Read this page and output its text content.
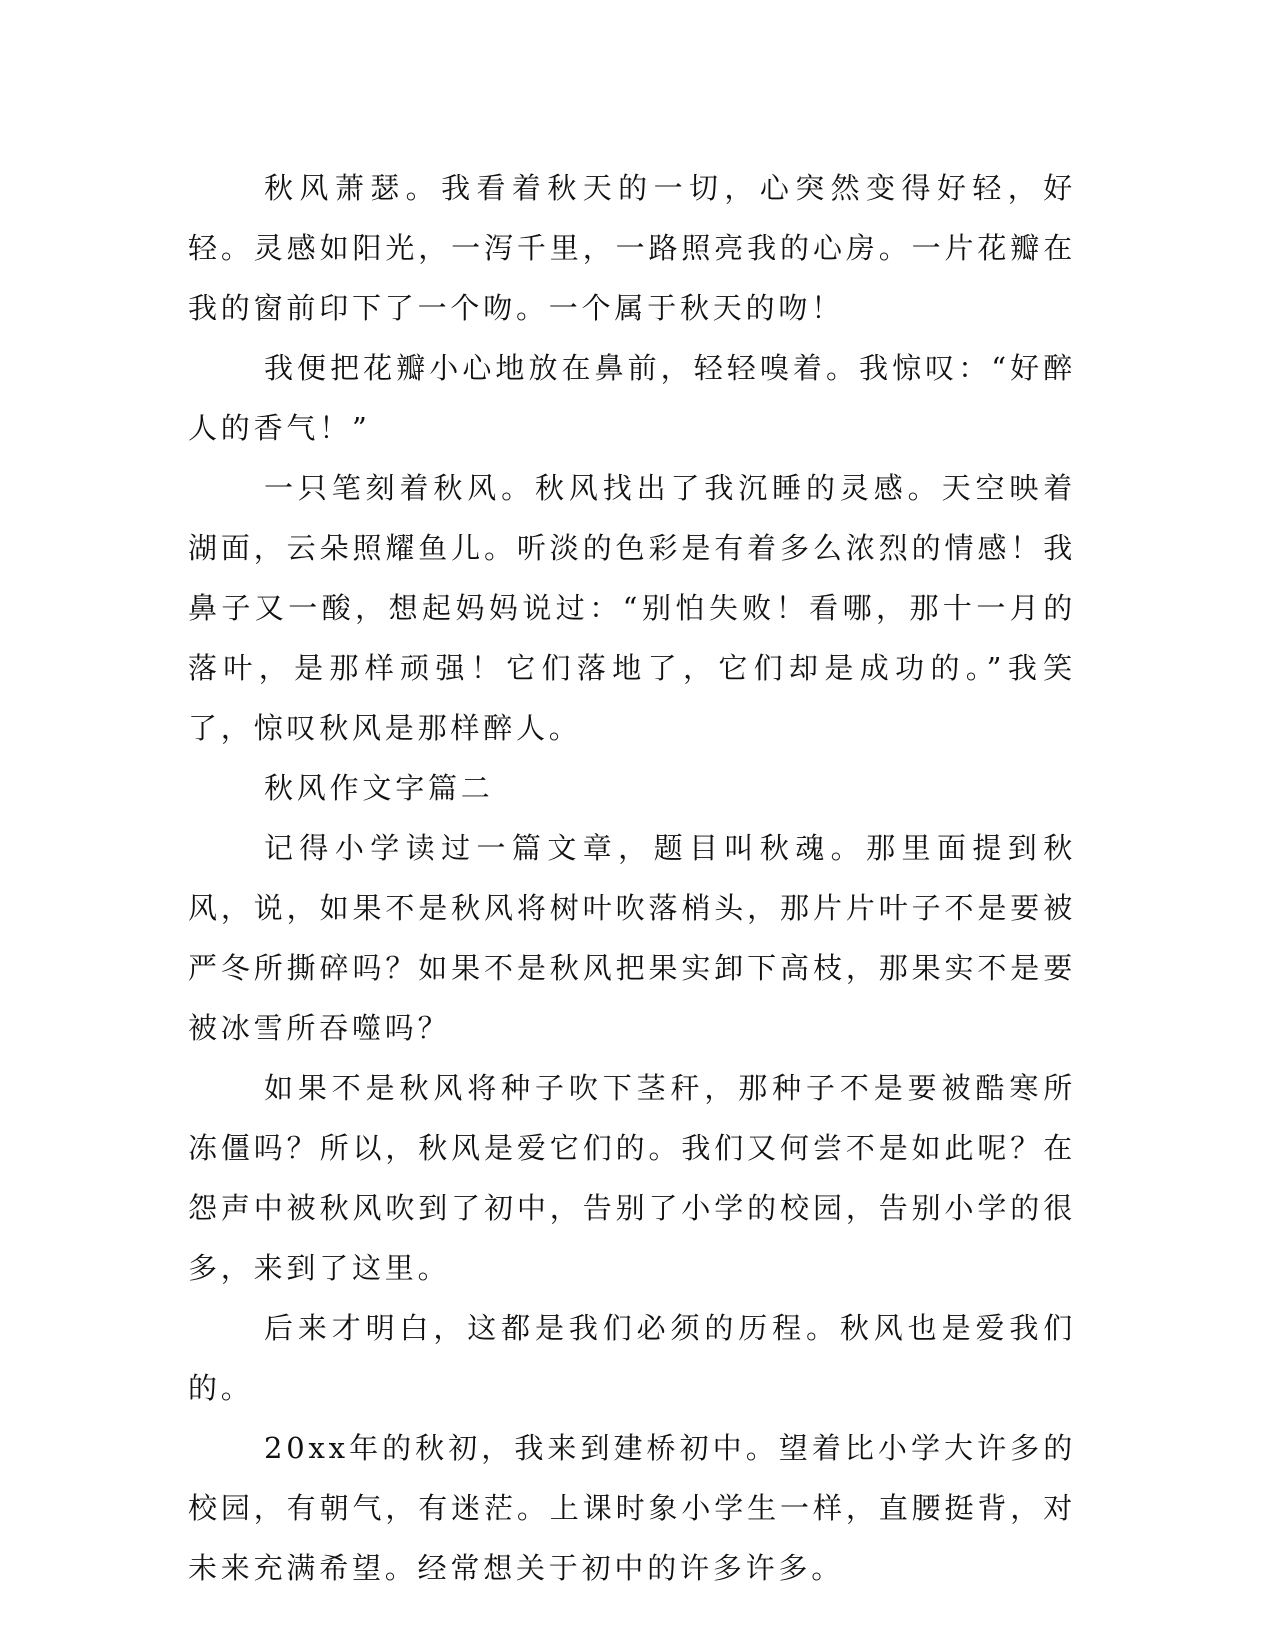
秋风萧瑟。我看着秋天的一切，心突然变得好轻，好轻。灵感如阳光，一泻千里，一路照亮我的心房。一片花瓣在我的窗前印下了一个吻。一个属于秋天的吻！

我便把花瓣小心地放在鼻前，轻轻嗅着。我惊叹：“好醉人的香气！”

一只笔刻着秋风。秋风找出了我沉睡的灵感。天空映着湖面，云朵照耀鱼儿。听淡的色彩是有着多么浓烈的情感！我鼻子又一酸，想起妈妈说过：“别怕失败！看哪，那十一月的落叶，是那样顽强！它们落地了，它们却是成功的。”我笑了，惊叹秋风是那样醉人。

秋风作文字篇二

记得小学读过一篇文章，题目叫秋魂。那里面提到秋风，说，如果不是秋风将树叶吹落梢头，那片片叶子不是要被严冬所撕碎吗？如果不是秋风把果实卸下高枝，那果实不是要被冰雪所吞噬吗？

如果不是秋风将种子吹下茎秆，那种子不是要被酷寒所冻僵吗？所以，秋风是爱它们的。我们又何尝不是如此呢？在怨声中被秋风吹到了初中，告别了小学的校园，告别小学的很多，来到了这里。

后来才明白，这都是我们必须的历程。秋风也是爱我们的。

20xx年的秋初，我来到建桥初中。望着比小学大许多的校园，有朝气，有迷茫。上课时象小学生一样，直腰挺背，对未来充满希望。经常想关于初中的许多许多。
